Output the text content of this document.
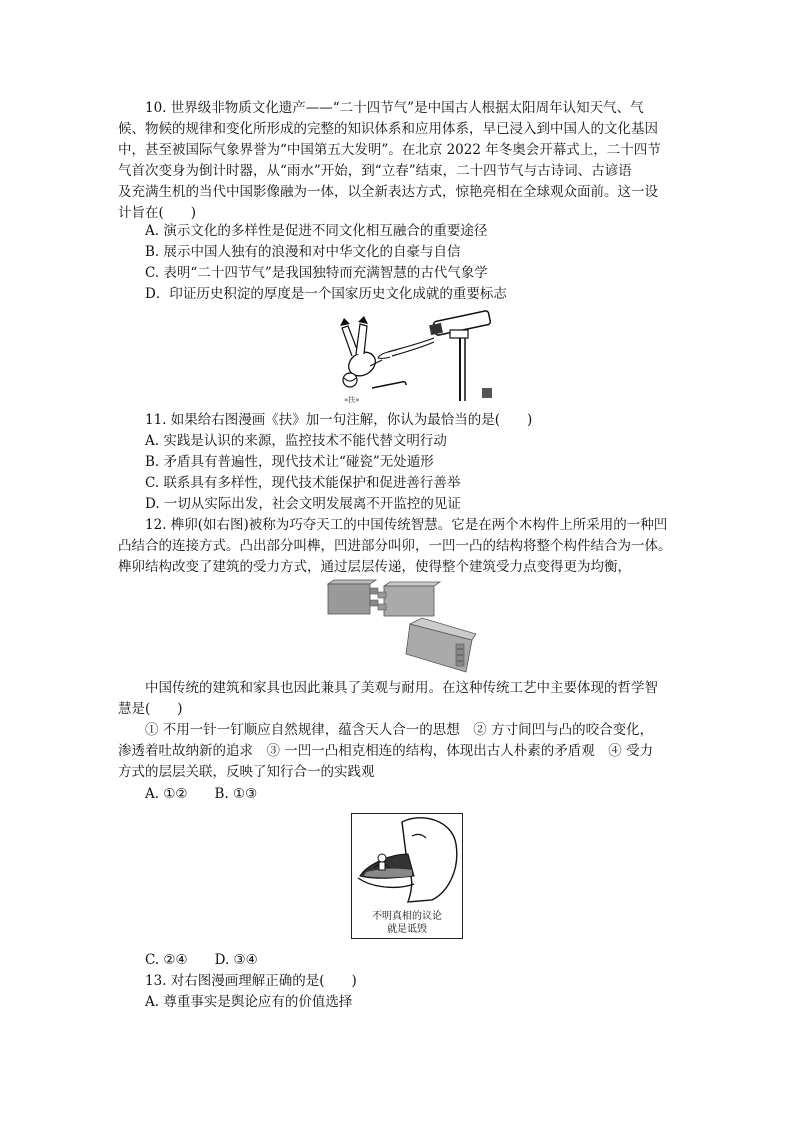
10. 世界级非物质文化遗产——“二十四节气”是中国古人根据太阳周年认知天气、气
候、物候的规律和变化所形成的完整的知识体系和应用体系，早已浸入到中国人的文化基因
中，甚至被国际气象界誉为“中国第五大发明”。在北京 2022 年冬奥会开幕式上，二十四节
气首次变身为倒计时器，从“雨水”开始，到“立春”结束，二十四节气与古诗词、古谚语
及充满生机的当代中国影像融为一体，以全新表达方式，惊艳亮相在全球观众面前。这一设
计旨在(　　)
A. 演示文化的多样性是促进不同文化相互融合的重要途径
B. 展示中国人独有的浪漫和对中华文化的自豪与自信
C. 表明“二十四节气”是我国独特而充满智慧的古代气象学
D．印证历史积淀的厚度是一个国家历史文化成就的重要标志
«扶»
11. 如果给右图漫画《扶》加一句注解，你认为最恰当的是(　　)
A. 实践是认识的来源，监控技术不能代替文明行动
B. 矛盾具有普遍性，现代技术让“碰瓷”无处遁形
C. 联系具有多样性，现代技术能保护和促进善行善举
D. 一切从实际出发，社会文明发展离不开监控的见证
12. 榫卯(如右图)被称为巧夺天工的中国传统智慧。它是在两个木构件上所采用的一种凹
凸结合的连接方式。凸出部分叫榫，凹进部分叫卯，一凹一凸的结构将整个构件结合为一体。
榫卯结构改变了建筑的受力方式，通过层层传递，使得整个建筑受力点变得更为均衡，
中国传统的建筑和家具也因此兼具了美观与耐用。在这种传统工艺中主要体现的哲学智
慧是(　　)
① 不用一针一钉顺应自然规律，蕴含天人合一的思想　② 方寸间凹与凸的咬合变化，
渗透着吐故纳新的追求　③ 一凹一凸相克相连的结构，体现出古人朴素的矛盾观　④ 受力
方式的层层关联，反映了知行合一的实践观
A. ①②　　B. ①③
不明真相的议论
就是诋毁
C. ②④　　D. ③④
13. 对右图漫画理解正确的是(　　)
A. 尊重事实是舆论应有的价值选择
